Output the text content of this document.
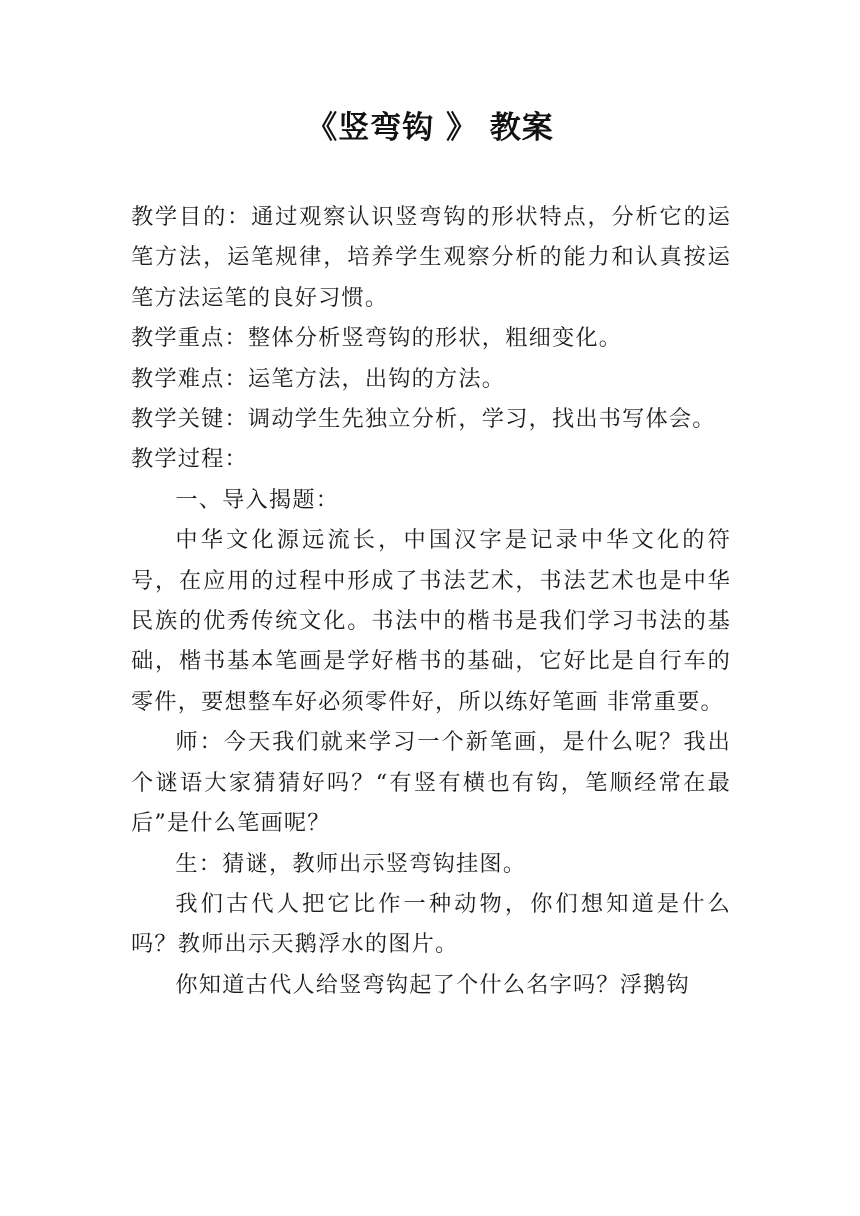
《竖弯钩 》 教案

教学目的：通过观察认识竖弯钩的形状特点，分析它的运笔方法，运笔规律，培养学生观察分析的能力和认真按运笔方法运笔的良好习惯。

教学重点：整体分析竖弯钩的形状，粗细变化。

教学难点：运笔方法，出钩的方法。

教学关键：调动学生先独立分析，学习，找出书写体会。

教学过程：

一、导入揭题：

中华文化源远流长，中国汉字是记录中华文化的符号，在应用的过程中形成了书法艺术，书法艺术也是中华民族的优秀传统文化。书法中的楷书是我们学习书法的基础，楷书基本笔画是学好楷书的基础，它好比是自行车的零件，要想整车好必须零件好，所以练好笔画 非常重要。

师：今天我们就来学习一个新笔画，是什么呢？我出个谜语大家猜猜好吗？“有竖有横也有钩，笔顺经常在最后”是什么笔画呢？

生：猜谜，教师出示竖弯钩挂图。

我们古代人把它比作一种动物，你们想知道是什么吗？教师出示天鹅浮水的图片。

你知道古代人给竖弯钩起了个什么名字吗？浮鹅钩
